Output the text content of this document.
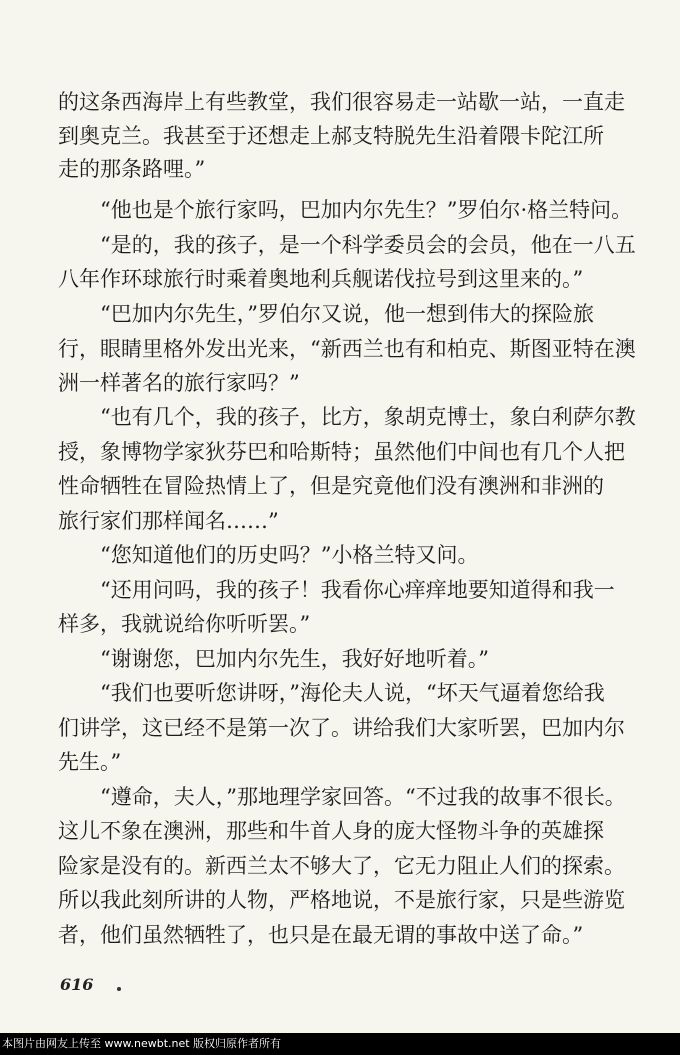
的这条西海岸上有些教堂，我们很容易走一站歇一站，一直走

到奥克兰。我甚至于还想走上郝支特脱先生沿着隈卡陀江所

走的那条路哩。”

“他也是个旅行家吗，巴加内尔先生？”罗伯尔·格兰特问。

“是的，我的孩子，是一个科学委员会的会员，他在一八五

八年作环球旅行时乘着奥地利兵舰诺伐拉号到这里来的。”

“巴加内尔先生，”罗伯尔又说，他一想到伟大的探险旅

行，眼睛里格外发出光来，“新西兰也有和柏克、斯图亚特在澳

洲一样著名的旅行家吗？”

“也有几个，我的孩子，比方，象胡克博士，象白利萨尔教

授，象博物学家狄芬巴和哈斯特；虽然他们中间也有几个人把

性命牺牲在冒险热情上了，但是究竟他们没有澳洲和非洲的

旅行家们那样闻名……”

“您知道他们的历史吗？”小格兰特又问。

“还用问吗，我的孩子！我看你心痒痒地要知道得和我一

样多，我就说给你听听罢。”

“谢谢您，巴加内尔先生，我好好地听着。”

“我们也要听您讲呀，”海伦夫人说，“坏天气逼着您给我

们讲学，这已经不是第一次了。讲给我们大家听罢，巴加内尔

先生。”

“遵命，夫人，”那地理学家回答。“不过我的故事不很长。

这儿不象在澳洲，那些和牛首人身的庞大怪物斗争的英雄探

险家是没有的。新西兰太不够大了，它无力阻止人们的探索。

所以我此刻所讲的人物，严格地说，不是旅行家，只是些游览

者，他们虽然牺牲了，也只是在最无谓的事故中送了命。”

616
本图片由网友上传至 www.newbt.net 版权归原作者所有
